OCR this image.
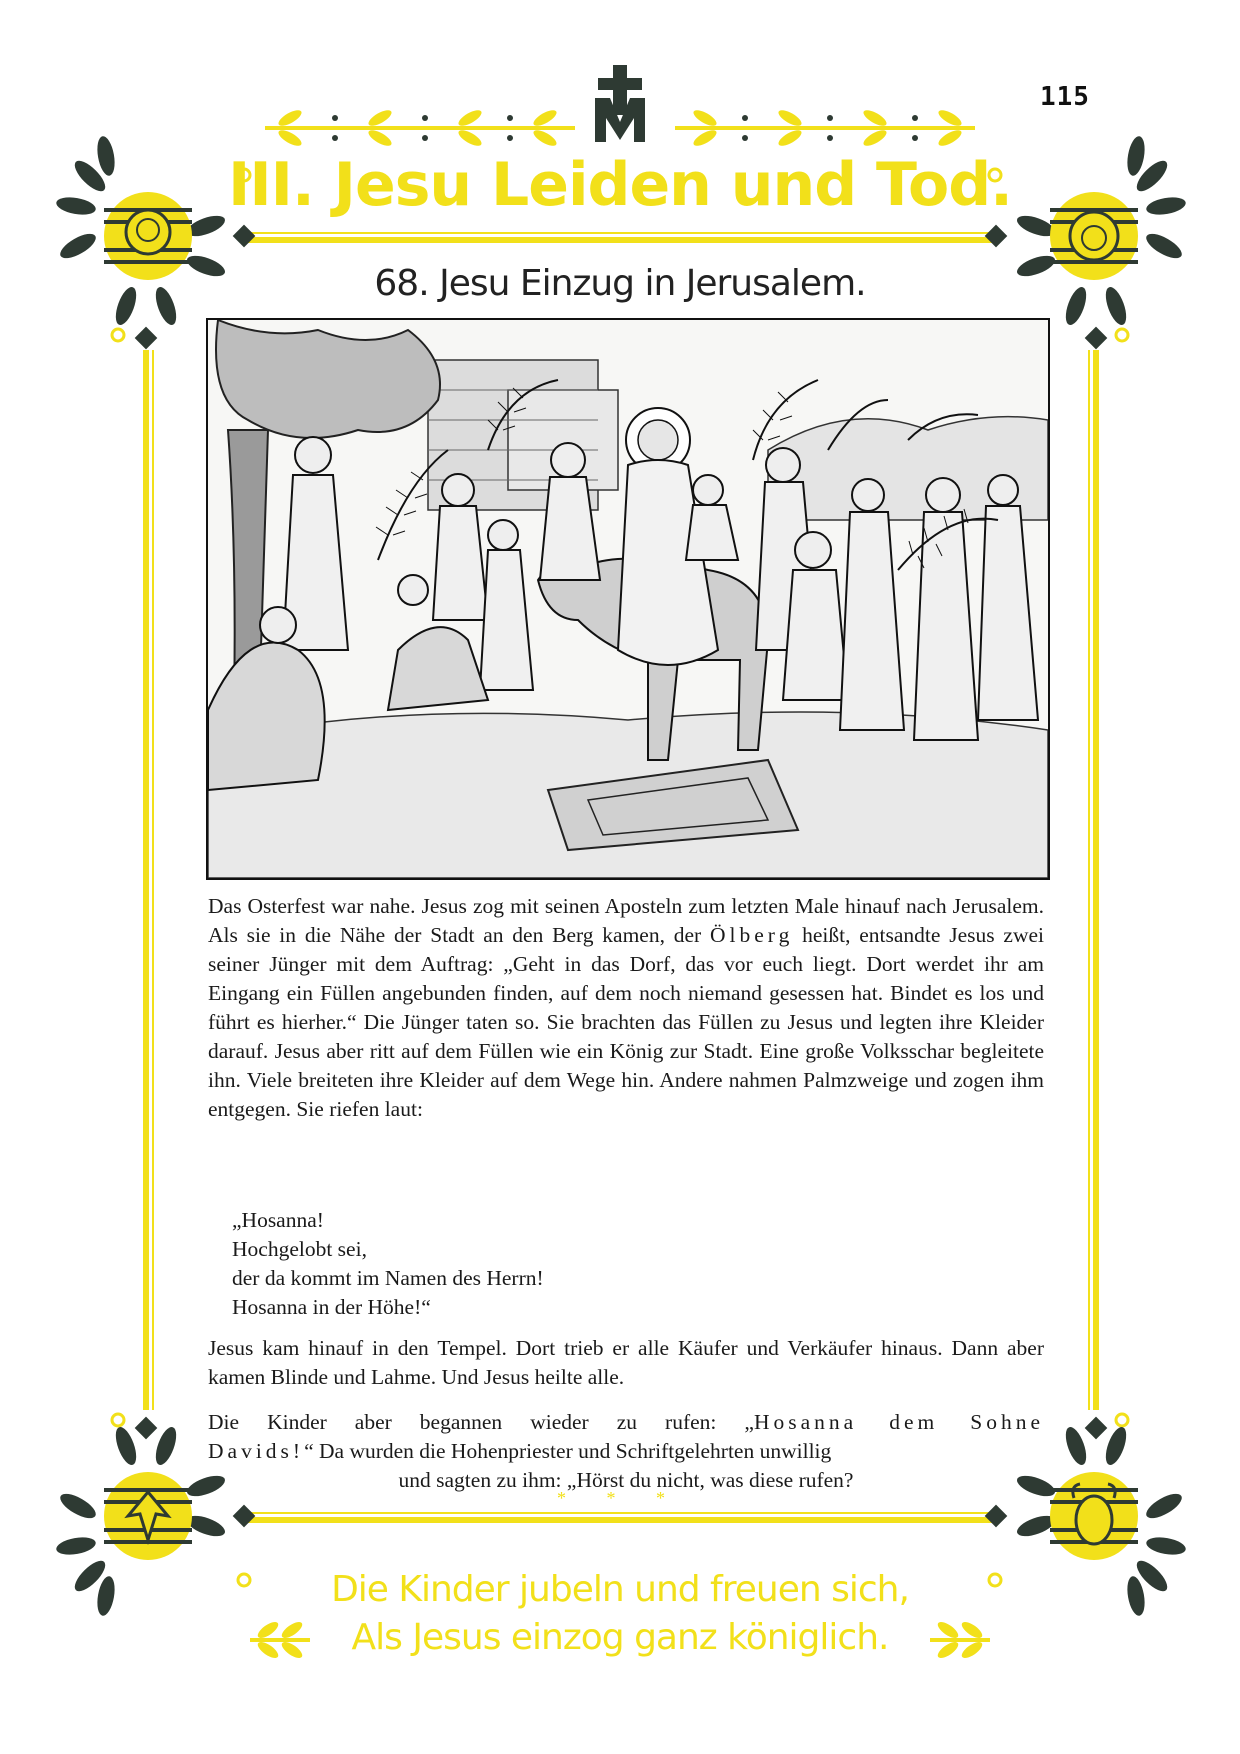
115
III. Jesu Leiden und Tod.
68. Jesu Einzug in Jerusalem.

Das Osterfest war nahe. Jesus zog mit seinen Aposteln zum letzten Male hinauf nach Jerusalem. Als sie in die Nähe der Stadt an den Berg kamen, der Ölberg heißt, entsandte Jesus zwei seiner Jünger mit dem Auftrag: „Geht in das Dorf, das vor euch liegt. Dort werdet ihr am Eingang ein Füllen angebunden finden, auf dem noch niemand gesessen hat. Bindet es los und führt es hierher.“ Die Jünger taten so. Sie brachten das Füllen zu Jesus und legten ihre Kleider darauf. Jesus aber ritt auf dem Füllen wie ein König zur Stadt. Eine große Volksschar begleitete ihn. Viele breiteten ihre Kleider auf dem Wege hin. Andere nahmen Palmzweige und zogen ihm entgegen. Sie riefen laut:

„Hosanna!
Hochgelobt sei,
der da kommt im Namen des Herrn!
Hosanna in der Höhe!“
Jesus kam hinauf in den Tempel. Dort trieb er alle Käufer und Verkäufer hinaus. Dann aber kamen Blinde und Lahme. Und Jesus heilte alle.
Die Kinder aber begannen wieder zu rufen: „Hosanna dem Sohne
Davids!“ Da wurden die Hohenpriester und Schriftgelehrten unwillig
und sagten zu ihm: „Hörst du nicht, was diese rufen?
* * *
Die Kinder jubeln und freuen sich,
Als Jesus einzog ganz königlich.
